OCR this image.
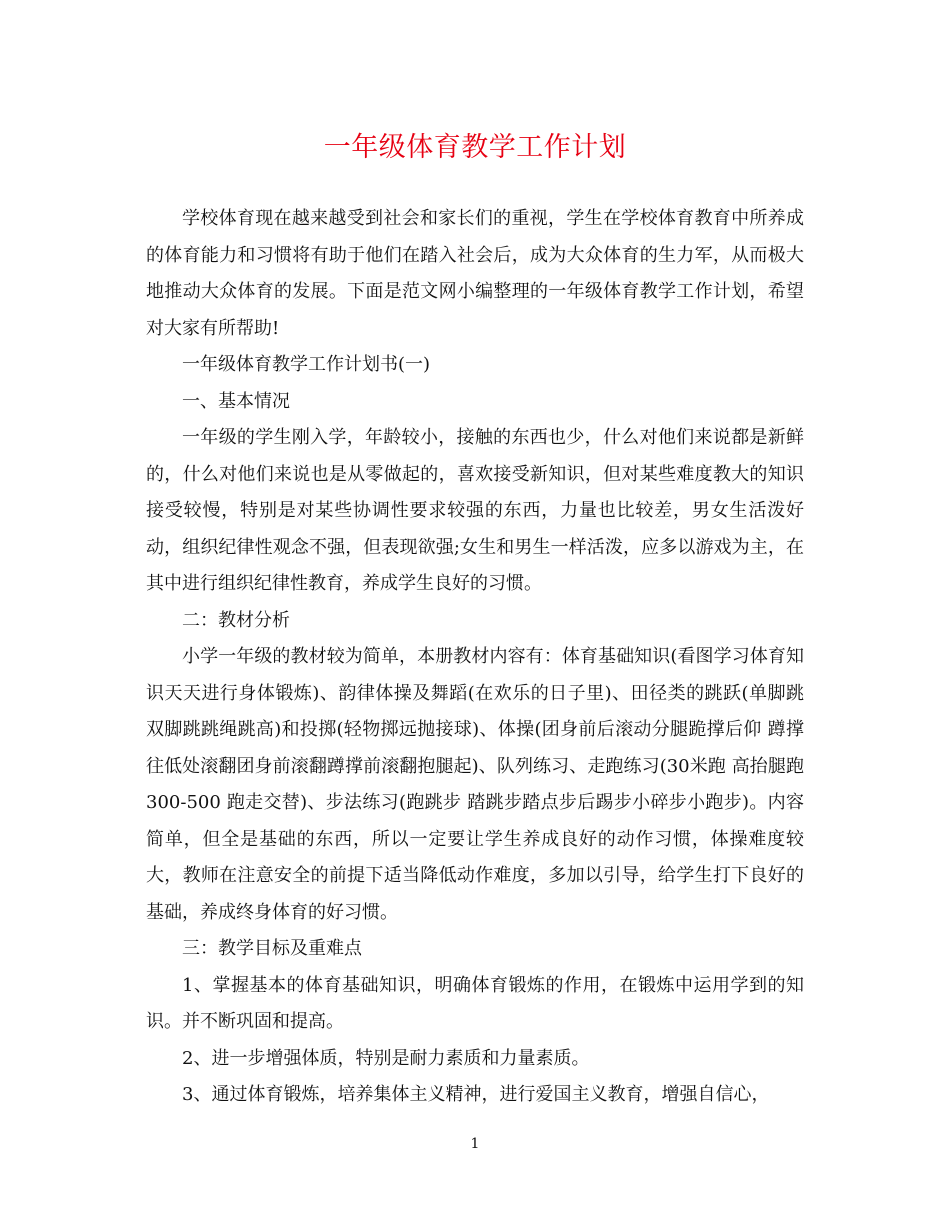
一年级体育教学工作计划

学校体育现在越来越受到社会和家长们的重视，学生在学校体育教育中所养成的体育能力和习惯将有助于他们在踏入社会后，成为大众体育的生力军，从而极大地推动大众体育的发展。下面是范文网小编整理的一年级体育教学工作计划，希望对大家有所帮助!

一年级体育教学工作计划书(一)

一、基本情况

一年级的学生刚入学，年龄较小，接触的东西也少，什么对他们来说都是新鲜的，什么对他们来说也是从零做起的，喜欢接受新知识，但对某些难度教大的知识接受较慢，特别是对某些协调性要求较强的东西，力量也比较差，男女生活泼好动，组织纪律性观念不强，但表现欲强;女生和男生一样活泼，应多以游戏为主，在其中进行组织纪律性教育，养成学生良好的习惯。

二：教材分析

小学一年级的教材较为简单，本册教材内容有：体育基础知识(看图学习体育知识天天进行身体锻炼)、韵律体操及舞蹈(在欢乐的日子里)、田径类的跳跃(单脚跳双脚跳跳绳跳高)和投掷(轻物掷远抛接球)、体操(团身前后滚动分腿跪撑后仰 蹲撑往低处滚翻团身前滚翻蹲撑前滚翻抱腿起)、队列练习、走跑练习(30米跑 高抬腿跑 300-500 跑走交替)、步法练习(跑跳步 踏跳步踏点步后踢步小碎步小跑步)。内容简单，但全是基础的东西，所以一定要让学生养成良好的动作习惯，体操难度较大，教师在注意安全的前提下适当降低动作难度，多加以引导，给学生打下良好的基础，养成终身体育的好习惯。

三：教学目标及重难点

1、掌握基本的体育基础知识，明确体育锻炼的作用，在锻炼中运用学到的知识。并不断巩固和提高。

2、进一步增强体质，特别是耐力素质和力量素质。

3、通过体育锻炼，培养集体主义精神，进行爱国主义教育，增强自信心，

1
